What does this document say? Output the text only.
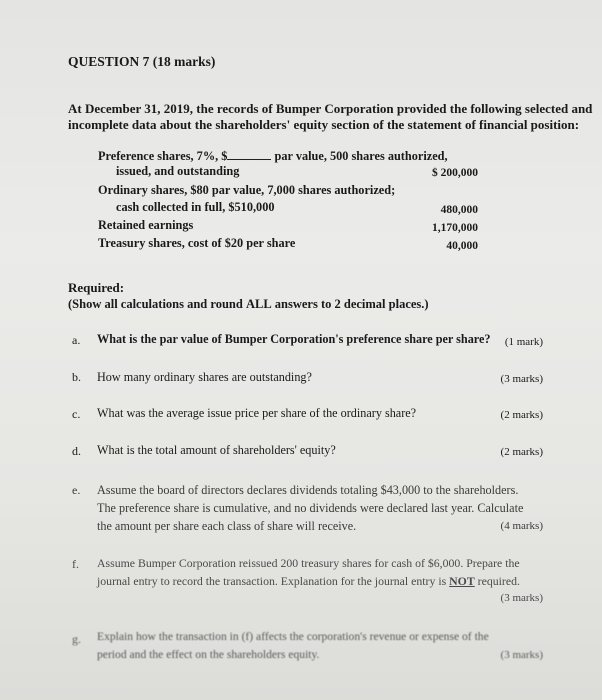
QUESTION 7 (18 marks)
At December 31, 2019, the records of Bumper Corporation provided the following selected and
incomplete data about the shareholders' equity section of the statement of financial position:
Preference shares, 7%, $	par value, 500 shares authorized,
issued, and outstanding	$ 200,000
Ordinary shares, $80 par value, 7,000 shares authorized;
cash collected in full, $510,000	480,000
Retained earnings	1,170,000
Treasury shares, cost of $20 per share	40,000
Required:
(Show all calculations and round ALL answers to 2 decimal places.)
a. What is the par value of Bumper Corporation's preference share per share?	(1 mark)
b. How many ordinary shares are outstanding?	(3 marks)
c. What was the average issue price per share of the ordinary share?	(2 marks)
d. What is the total amount of shareholders' equity?	(2 marks)
e. Assume the board of directors declares dividends totaling $43,000 to the shareholders.
The preference share is cumulative, and no dividends were declared last year. Calculate
the amount per share each class of share will receive.	(4 marks)
f. Assume Bumper Corporation reissued 200 treasury shares for cash of $6,000. Prepare the
journal entry to record the transaction. Explanation for the journal entry is NOT required.
(3 marks)
g. Explain how the transaction in (f) affects the corporation's revenue or expense of the
period and the effect on the shareholders equity.	(3 marks)
